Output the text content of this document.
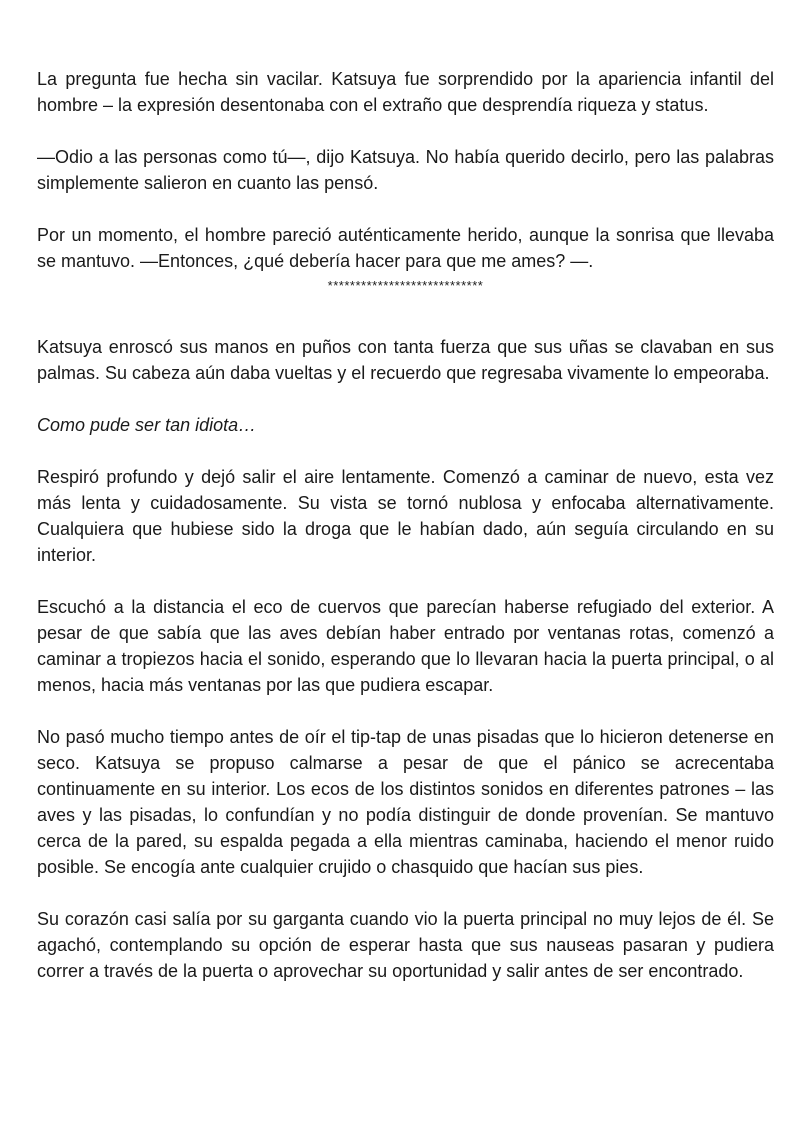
La pregunta fue hecha sin vacilar. Katsuya fue sorprendido por la apariencia infantil del hombre – la expresión desentonaba con el extraño que desprendía riqueza y status.

—Odio a las personas como tú—, dijo Katsuya. No había querido decirlo, pero las palabras simplemente salieron en cuanto las pensó.

Por un momento, el hombre pareció auténticamente herido, aunque la sonrisa que llevaba se mantuvo. —Entonces, ¿qué debería hacer para que me ames? —.

****************************

Katsuya enroscó sus manos en puños con tanta fuerza que sus uñas se clavaban en sus palmas. Su cabeza aún daba vueltas y el recuerdo que regresaba vivamente lo empeoraba.

Como pude ser tan idiota…

Respiró profundo y dejó salir el aire lentamente. Comenzó a caminar de nuevo, esta vez más lenta y cuidadosamente. Su vista se tornó nublosa y enfocaba alternativamente. Cualquiera que hubiese sido la droga que le habían dado, aún seguía circulando en su interior.

Escuchó a la distancia el eco de cuervos que parecían haberse refugiado del exterior. A pesar de que sabía que las aves debían haber entrado por ventanas rotas, comenzó a caminar a tropiezos hacia el sonido, esperando que lo llevaran hacia la puerta principal, o al menos, hacia más ventanas por las que pudiera escapar.

No pasó mucho tiempo antes de oír el tip-tap de unas pisadas que lo hicieron detenerse en seco. Katsuya se propuso calmarse a pesar de que el pánico se acrecentaba continuamente en su interior. Los ecos de los distintos sonidos en diferentes patrones – las aves y las pisadas, lo confundían y no podía distinguir de donde provenían. Se mantuvo cerca de la pared, su espalda pegada a ella mientras caminaba, haciendo el menor ruido posible. Se encogía ante cualquier crujido o chasquido que hacían sus pies.

Su corazón casi salía por su garganta cuando vio la puerta principal no muy lejos de él. Se agachó, contemplando su opción de esperar hasta que sus nauseas pasaran y pudiera correr a través de la puerta o aprovechar su oportunidad y salir antes de ser encontrado.
